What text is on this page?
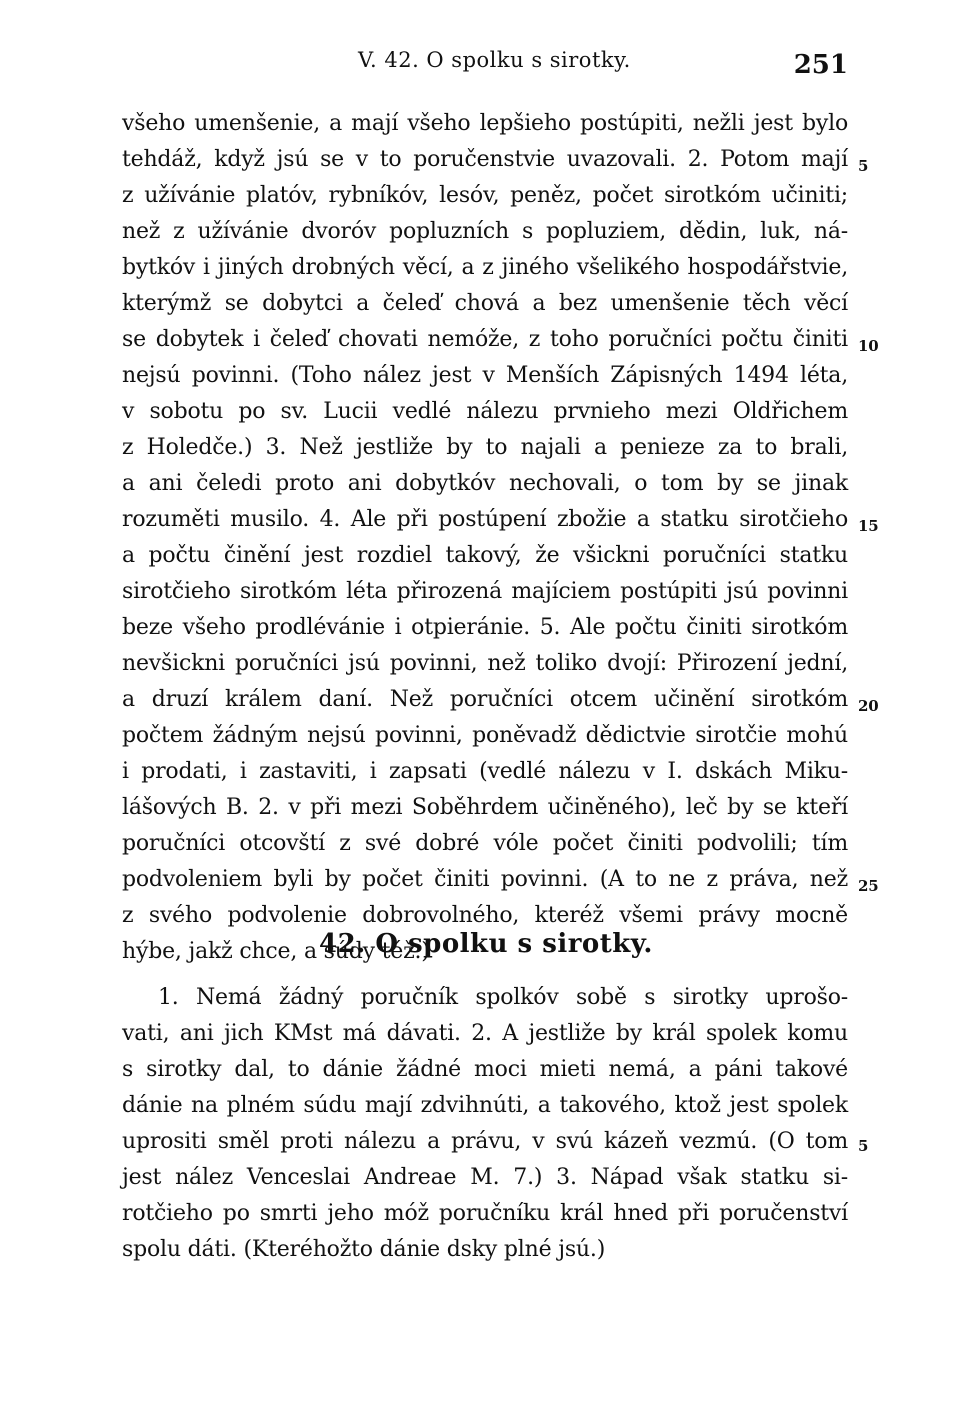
V. 42. O spolku s sirotky.	251
všeho umenšenie, a mají všeho lepšieho postúpiti, nežli jest bylo
tehdáž, když jsú se v to poručenstvie uvazovali. 2. Potom mají
z užívánie platóv, rybníkóv, lesóv, peněz, počet sirotkóm učiniti;
než z užívánie dvoróv popluzních s popluziem, dědin, luk, ná-
bytkóv i jiných drobných věcí, a z jiného všelikého hospodářstvie,
kterýmž se dobytci a čeleď chová a bez umenšenie těch věcí
se dobytek i čeleď chovati nemóže, z toho poručníci počtu činiti
nejsú povinni. (Toho nález jest v Menších Zápisných 1494 léta,
v sobotu po sv. Lucii vedlé nálezu prvnieho mezi Oldřichem
z Holedče.) 3. Než jestliže by to najali a penieze za to brali,
a ani čeledi proto ani dobytkóv nechovali, o tom by se jinak
rozuměti musilo. 4. Ale při postúpení zbožie a statku sirotčieho
a počtu činění jest rozdiel takový, že všickni poručníci statku
sirotčieho sirotkóm léta přirozená majíciem postúpiti jsú povinni
beze všeho prodlévánie i otpieránie. 5. Ale počtu činiti sirotkóm
nevšickni poručníci jsú povinni, než toliko dvojí: Přirození jední,
a druzí králem daní. Než poručníci otcem učinění sirotkóm
počtem žádným nejsú povinni, poněvadž dědictvie sirotčie mohú
i prodati, i zastaviti, i zapsati (vedlé nálezu v I. dskách Miku-
lášových B. 2. v při mezi Soběhrdem učiněného), leč by se kteří
poručníci otcovští z své dobré vóle počet činiti podvolili; tím
podvoleniem byli by počet činiti povinni. (A to ne z práva, než
z svého podvolenie dobrovolného, kteréž všemi právy mocně
hýbe, jakž chce, a súdy též.)
5
10
15
20
25
42. O spolku s sirotky.
1. Nemá žádný poručník spolkóv sobě s sirotky uprošo-
vati, ani jich KMst má dávati. 2. A jestliže by král spolek komu
s sirotky dal, to dánie žádné moci mieti nemá, a páni takové
dánie na plném súdu mají zdvihnúti, a takového, ktož jest spolek
uprositi směl proti nálezu a právu, v svú kázeň vezmú. (O tom
jest nález Venceslai Andreae M. 7.) 3. Nápad však statku si-
rotčieho po smrti jeho móž poručníku král hned při poručenství
spolu dáti. (Kteréhožto dánie dsky plné jsú.)
5
